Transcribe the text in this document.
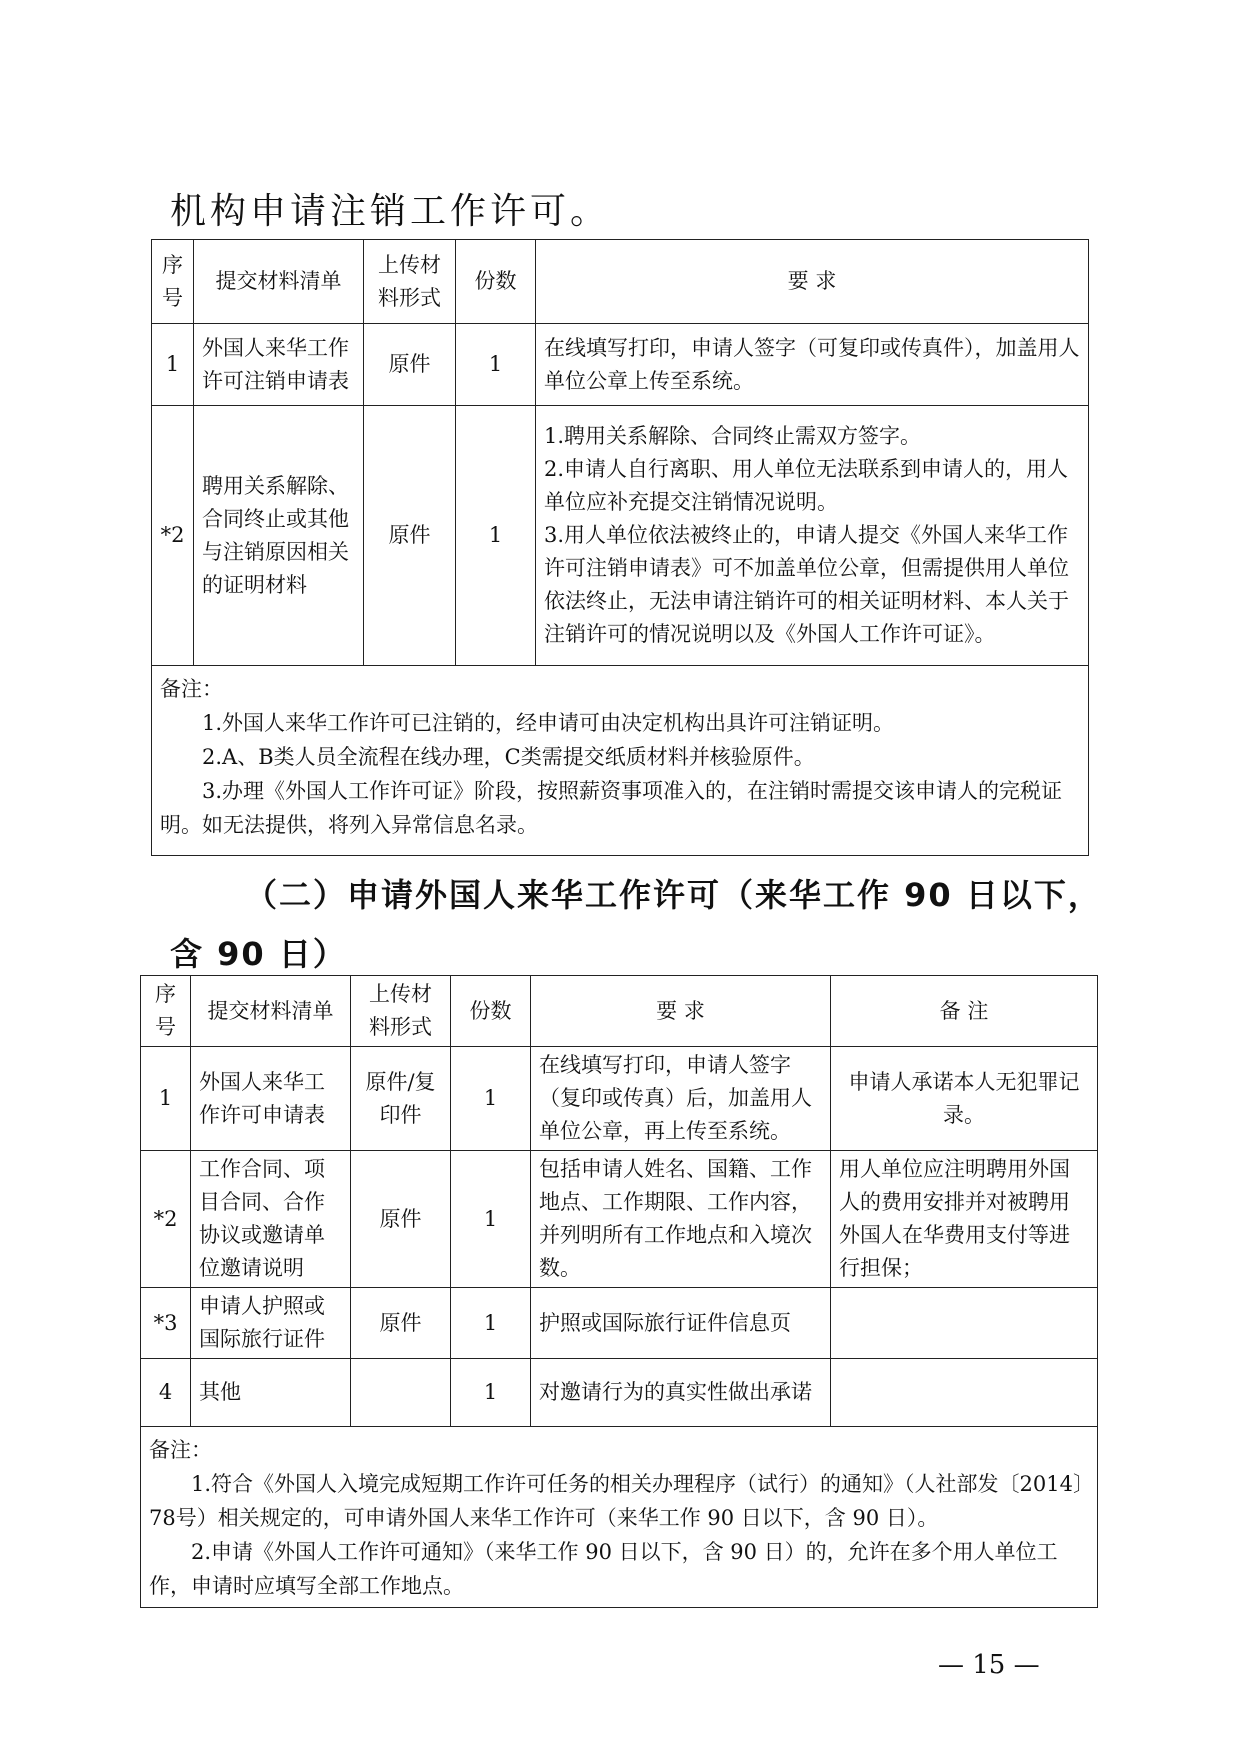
机构申请注销工作许可。
序号	提交材料清单	上传材料形式	份数	要 求
1	外国人来华工作许可注销申请表	原件	1	在线填写打印，申请人签字（可复印或传真件），加盖用人单位公章上传至系统。

*2	聘用关系解除、合同终止或其他与注销原因相关的证明材料	原件	1	1.聘用关系解除、合同终止需双方签字。

2.申请人自行离职、用人单位无法联系到申请人的，用人单位应补充提交注销情况说明。

3.用人单位依法被终止的，申请人提交《外国人来华工作许可注销申请表》可不加盖单位公章，但需提供用人单位依法终止，无法申请注销许可的相关证明材料、本人关于注销许可的情况说明以及《外国人工作许可证》。

备注：
1.外国人来华工作许可已注销的，经申请可由决定机构出具许可注销证明。
2.A、B类人员全流程在线办理，C类需提交纸质材料并核验原件。
3.办理《外国人工作许可证》阶段，按照薪资事项准入的，在注销时需提交该申请人的完税证明。如无法提供，将列入异常信息名录。				
（二）申请外国人来华工作许可（来华工作 90 日以下，
含 90 日）
序号	提交材料清单	上传材料形式	份数	要 求	备 注
1	外国人来华工作许可申请表	原件/复印件	1	在线填写打印，申请人签字（复印或传真）后，加盖用人单位公章，再上传至系统。	申请人承诺本人无犯罪记录。
*2	工作合同、项目合同、合作协议或邀请单位邀请说明	原件	1	包括申请人姓名、国籍、工作地点、工作期限、工作内容，并列明所有工作地点和入境次数。	用人单位应注明聘用外国人的费用安排并对被聘用外国人在华费用支付等进行担保；
*3	申请人护照或国际旅行证件	原件	1	护照或国际旅行证件信息页	
4	其他		1	对邀请行为的真实性做出承诺	

备注：
1.符合《外国人入境完成短期工作许可任务的相关办理程序（试行）的通知》（人社部发〔2014〕78号）相关规定的，可申请外国人来华工作许可（来华工作 90 日以下，含 90 日）。
2.申请《外国人工作许可通知》（来华工作 90 日以下，含 90 日）的，允许在多个用人单位工作，申请时应填写全部工作地点。					
— 15 —
